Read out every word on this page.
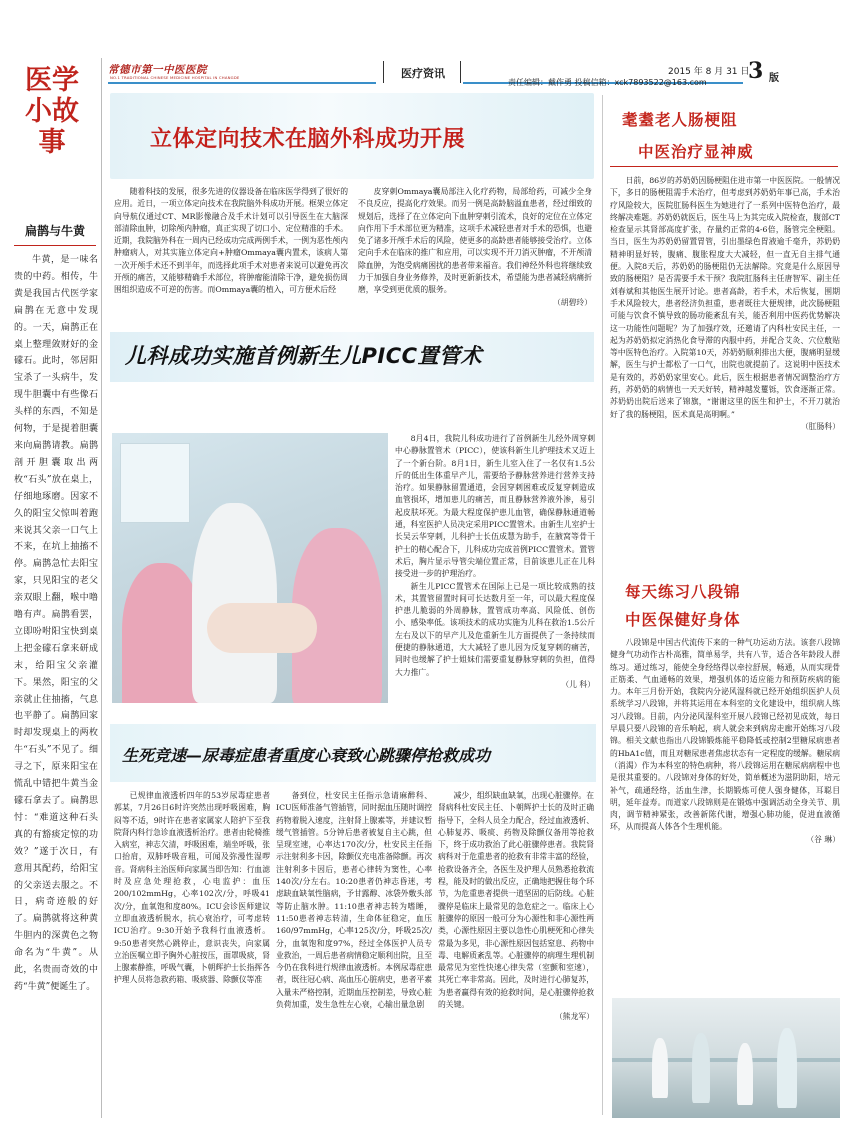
常德市第一中医医院
NO.1 TRADITIONAL CHINESE MEDICINE HOSPITAL IN CHANGDE	医疗资讯	2015 年 8 月 31 日
责任编辑：戴作勇 投稿信箱：xck7893522@163.com 3 版
医学小故事
扁鹊与牛黄

牛黄，是一味名贵的中药。相传，牛黄是我国古代医学家扁鹊在无意中发现的。一天，扁鹊正在桌上整理敛财好的金礞石。此时，邻居阳宝杀了一头病牛，发现牛胆囊中有些像石头样的东西，不知是何物，于是提着胆囊来向扁鹊请教。扁鹊剖开胆囊取出两枚“石头”放在桌上，仔细地琢磨。因家不久的阳宝父惊叫着跑来说其父亲一口气上不来，在坑上抽搐不停。扁鹊急忙去阳宝家，只见阳宝的老父亲双眼上翻，喉中噜噜有声。扁鹊看罢，立即吩咐阳宝快到桌上把金礞石拿来研成末，给阳宝父亲灌下。果然，阳宝的父亲就止住抽搐，气息也平静了。扁鹊回家时却发现桌上的两枚牛“石头”不见了。细寻之下，原来阳宝在慌乱中错把牛黄当金礞石拿去了。扁鹊思忖：“难道这种石头真的有豁痰定惊的功效？”遂于次日，有意用其配药，给阳宝的父亲送去服之。不日，病奇迹般的好了。扁鹊就将这种黄牛胆内的深黄色之物命名为“牛黄”。从此，名贵而奇效的中药“牛黄”便诞生了。

立体定向技术在脑外科成功开展

随着科技的发展，很多先进的仪器设备在临床医学得到了很好的应用。近日，一项立体定向技术在我院脑外科成功开展。框架立体定向导航仪通过CT、MR影像融合及手术计划可以引导医生在大脑深部清除血肿，切除颅内肿瘤，真正实现了切口小、定位精准的手术。近期，我院脑外科在一周内已经成功完成两例手术，一例为恶性颅内肿瘤病人，对其实施立体定向+肿瘤Ommaya囊内置术，该病人第一次开颅手术还不到半年，而选择此项手术对患者来说可以避免再次开颅的痛苦，又能够精确手术部位，将肿瘤能清除干净，避免损伤周围组织造成不可逆的伤害。而Ommaya囊的植入，可方便术后经

皮穿刺Ommaya囊局部注入化疗药物，局部给药，可减少全身不良反应，提高化疗效果。而另一例是高龄脑溢血患者，经过细致的规划后，选择了在立体定向下血肿穿刺引流术，良好的定位在立体定向作用下手术部位更为精准，这项手术减轻患者对手术的恐惧，也避免了诸多开颅手术后的风险，使更多的高龄患者能够接受治疗。立体定向手术在临床的推广和应用，可以实现不开刀消灭肿瘤，不开颅清除血肿，为饱受病痛困扰的患者带来福音。我们神经外科也将继续致力于加强自身业务修养，及时更新新技术，希望能为患者减轻病痛折磨，享受到更优质的服务。

（胡碧玲）

儿科成功实施首例新生儿PICC置管术

8月4日，我院儿科成功进行了首例新生儿经外周穿刺中心静脉置管术（PICC），使该科新生儿护理技术又迈上了一个新台阶。8月1日，新生儿室入住了一名仅有1.5公斤的低出生体重早产儿，需要给予静脉营养进行营养支持治疗。如果静脉留置通道，会因穿刺困难或反复穿刺造成血管损坏，增加患儿的痛苦，而且静脉营养液外渗，易引起皮肤坏死。为最大程度保护患儿血管，确保静脉通道畅通，科室医护人员决定采用PICC置管术。由新生儿室护士长吴云华穿刺，儿科护士长伍成慧为助手，在腋窝等骨干护士的精心配合下，儿科成功完成首例PICC置管术。置管术后，胸片显示导管尖端位置正常，目前该患儿正在儿科接受进一步的护理治疗。

新生儿PICC置管术在国际上已是一项比较成熟的技术，其置管留置时间可长达数月至一年，可以最大程度保护患儿脆弱的外周静脉，置管成功率高、风险低、创伤小、感染率低。该项技术的成功实施为儿科在救治1.5公斤左右及以下的早产儿及危重新生儿方面提供了一条持续而便捷的静脉通道，大大减轻了患儿因为反复穿刺的痛苦，同时也缓解了护士姐妹们需要重复静脉穿刺的负担，值得大力推广。

（儿 科）

生死竞速—尿毒症患者重度心衰致心跳骤停抢救成功

已规律血液透析四年的53岁尿毒症患者郭某，7月26日6时许突然出现呼吸困难，胸闷等不适，9时许在患者家属家人陪护下至我院肾内科行急诊血液透析治疗。患者由轮椅推入病室，神志欠清，呼吸困难，端坐呼吸，张口抬肩，双肺呼吸音粗，可闻及弥漫性湿啰音。肾病科主治医师向家属当即告知：行血滤时及应急处理抢救，心电监护：血压200/102mmHg，心率102次/分，呼吸41次/分，血氧饱和度80%。ICU会诊医师建议立即血液透析脱水，抗心衰治疗，可考虑转ICU治疗。9:30开始予我科行血液透析。9:50患者突然心跳停止，意识丧失，向家属立治医嘱立即予胸外心脏按压，面罩吸痰，肾上腺素静推，呼吸气囊，卜朝辉护士长指挥各护理人员将急救药箱、吸痰器、除颤仪等准

备到位，杜安民主任指示急请麻醉科、ICU医师准备气管插管，同时据血压随时调控药物着脱入速度，注射肾上腺素等，并建议暂缓气管插管。5分钟后患者被复自主心跳，但呈现室速，心率达170次/分，杜安民主任指示注射利多卡因，除颤仪充电准备除颤。再次注射利多卡因后，患者心律转为窦性，心率140次/分左右。10:20患者仍神志昏迷，考虑缺血缺氧性脑病，予甘露醇、冰袋外敷头部等防止脑水肿。11:10患者神志转为嗜睡，11:50患者神志转清，生命体征稳定，血压160/97mmHg，心率125次/分，呼吸25次/分，血氧饱和度97%，经过全体医护人员专业救治，一周后患者病情稳定顺利出院，且至今仍在我科进行规律血液透析。本例尿毒症患者，既往冠心病、高血压心脏病史，患者平素入量未严格控制，近期血压控制差，导致心脏负荷加重，发生急性左心衰，心输出量急剧

减少，组织缺血缺氧，出现心脏骤停。在肾病科杜安民主任、卜朝辉护士长的及时正确指导下，全科人员全力配合，经过血液透析、心肺复苏、吸痰、药物及除颤仪备用等抢救下，终于成功救治了此心脏骤停患者。我院肾病科对于危重患者的抢救有非常丰富的经验，抢救设备齐全，各医生及护理人员熟悉抢救流程，能及时的做出反应，正确地把握住每个环节，为危重患者提供一道坚固的后防线。心脏骤停是临床上最常见的急危症之一。临床上心脏骤停的原因一般可分为心源性和非心源性两类，心源性原因主要以急性心肌梗死和心律失常最为多见，非心源性原因包括窒息、药物中毒、电解质紊乱等。心脏骤停的病理生理机制最常见为室性快速心律失常（室颤和室速），其死亡率非常高。因此，及时进行心肺复苏，为患者赢得有效的抢救时间，是心脏骤停抢救的关键。

（熊龙军）

耄耋老人肠梗阻
中医治疗显神威

日前，86岁的苏奶奶因肠梗阻住进市第一中医医院。一般情况下，多日的肠梗阻需手术治疗，但考虑到苏奶奶年事已高，手术治疗风险较大，医院肛肠科医生为她进行了一系列中医特色治疗，最终解决难题。苏奶奶就医后，医生马上为其完成入院检查，腹部CT检查显示其肾部高度扩张，存量约正常的4-6倍，肠管完全梗阻。当日，医生为苏奶奶留置胃管，引出墨绿色胃液逾千毫升，苏奶奶精神明显好转，腹痛、腹胀程度大大减轻，但一直无自主排气通便。入院8天后，苏奶奶的肠梗阻仍无法解除。究竟是什么原因导致的肠梗阻？是否需要手术干预？我院肛肠科主任唐智军、副主任刘春斌和其他医生展开讨论。患者高龄，若手术，术后恢复，围期手术风险较大，患者经济负担重，患者既往大便规律，此次肠梗阻可能与饮食不慎导致的肠功能紊乱有关，能否利用中医药优势解决这一功能性问题呢？为了加强疗效，还邀请了内科杜安民主任，一起为苏奶奶拟定消热化食导滞的内服中药，并配合艾灸、穴位敷贴等中医特色治疗。入院第10天，苏奶奶顺利排出大便，腹痛明显缓解，医生与护士都松了一口气，出院也就提前了。这说明中医技术是有效的，苏奶奶家里安心。此后，医生根据患者情况调整治疗方药，苏奶奶的病情也一天天好转，精神越发矍铄，饮食逐渐正常。苏奶奶出院后送来了锦旗，“谢谢这里的医生和护士，不开刀就治好了我的肠梗阻，医术真是高明啊。”

（肛肠科）

每天练习八段锦
中医保健好身体

八段锦是中国古代流传下来的一种气功运动方法。该套八段锦健身气功动作古朴高雅，简单易学，共有八节，适合各年龄段人群练习。通过练习，能使全身经络得以牵拉舒展，畅通，从而实现骨正筋柔、气血通畅的效果，增强机体的适应能力和预防疾病的能力。本年三月份开始，我院内分泌风湿科就已经开始组织医护人员系统学习八段锦，并将其运用在本科室的文化建设中，组织病人练习八段锦。目前，内分泌风湿科室开展八段锦已经初见成效，每日早晨只要八段锦的音乐响起，病人就会来到病房走廊开始练习八段锦。相关文献也指出八段锦锻炼能平稳降低或控制2型糖尿病患者的HbA1c值，而且对糖尿患者焦虑状态有一定程度的缓解。糖尿病（消渴）作为本科室的特色病种，将八段锦运用在糖尿病病程中也是很其重要的。八段锦对身体的好处，简单概述为滋阴助阳，培元补气，疏通经络，活血生津，长期锻炼可使人强身健体，耳聪目明，延年益寿。而道家八段锦则是在锻炼中强调活动全身关节、肌肉，调节精神紧张，改善新陈代谢，增强心肺功能，促进血液循环，从而提高人体各个生理机能。

（谷 琳）
